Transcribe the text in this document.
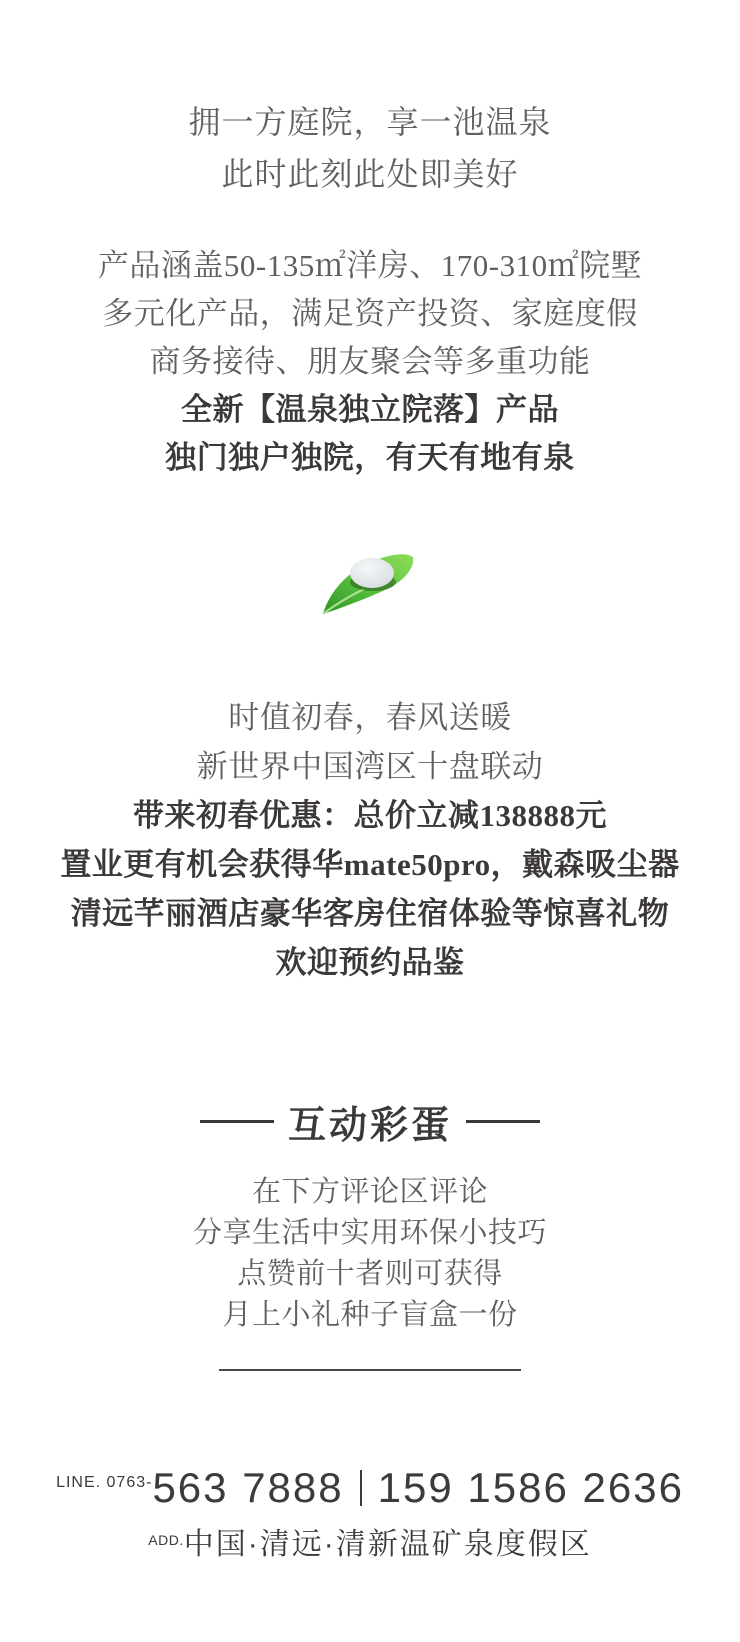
拥一方庭院，享一池温泉
此时此刻此处即美好
产品涵盖50-135㎡洋房、170-310㎡院墅
多元化产品，满足资产投资、家庭度假
商务接待、朋友聚会等多重功能
全新【温泉独立院落】产品
独门独户独院，有天有地有泉
时值初春，春风送暖
新世界中国湾区十盘联动
带来初春优惠：总价立减138888元
置业更有机会获得华mate50pro，戴森吸尘器
清远芊丽酒店豪华客房住宿体验等惊喜礼物
欢迎预约品鉴
互动彩蛋
在下方评论区评论
分享生活中实用环保小技巧
点赞前十者则可获得
月上小礼种子盲盒一份
LINE. 0763- 563 7888 159 1586 2636
ADD. 中国·清远·清新温矿泉度假区
